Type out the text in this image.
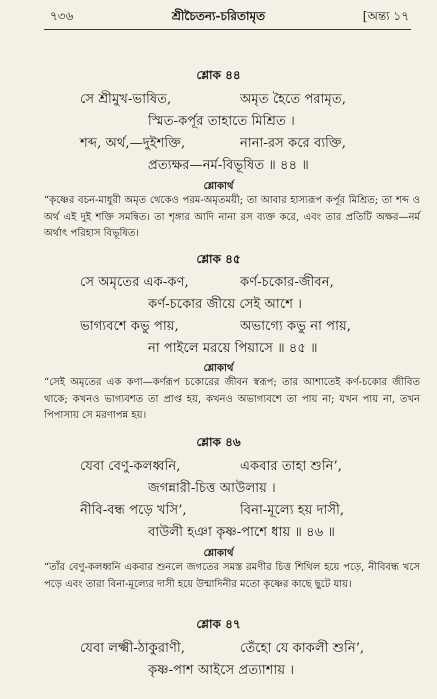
৭৩৬	শ্রীচৈতন্য-চরিতামৃত	[অন্ত্য ১৭
শ্লোক ৪৪
সে শ্রীমুখ-ভাষিত,	অমৃত হৈতে পরামৃত,
স্মিত-কর্পূর তাহাতে মিশ্রিত ।
শব্দ, অর্থ,—দুইশক্তি,	নানা-রস করে ব্যক্তি,
প্রত্যক্ষর—নর্ম-বিভূষিত ॥ ৪৪ ॥
শ্লোকার্থ
“কৃষ্ণের বচন-মাধুরী অমৃত থেকেও পরম-অমৃতময়ী; তা আবার হাস্যরূপ কর্পূর মিশ্রিত; তা শব্দ ও অর্থ এই দুই শক্তি সমন্বিত। তা শৃঙ্গার আদি নানা রস ব্যক্ত করে, এবং তার প্রতিটি অক্ষর—নর্ম অর্থাৎ পরিহাস বিভূষিত।
শ্লোক ৪৫
সে অমৃতের এক-কণ,	কর্ণ-চকোর-জীবন,
কর্ণ-চকোর জীয়ে সেই আশে ।
ভাগ্যবশে কভু পায়,	অভাগ্যে কভু না পায়,
না পাইলে মরয়ে পিয়াসে ॥ ৪৫ ॥
শ্লোকার্থ
“সেই অমৃতের এক কণা—কর্ণরূপ চকোরের জীবন স্বরূপ; তার আশাতেই কর্ণ-চকোর জীবিত থাকে; কখনও ভাগ্যবশত তা প্রাপ্ত হয়, কখনও অভাগ্যবশে তা পায় না; যখন পায় না, তখন পিপাসায় সে মরণাপন্ন হয়।
শ্লোক ৪৬
যেবা বেণু-কলধ্বনি,	একবার তাহা শুনি’,
জগন্নারী-চিত্ত আউলায় ।
নীবি-বন্ধ পড়ে খসি’,	বিনা-মূল্যে হয় দাসী,
বাউলী হঞা কৃষ্ণ-পাশে ধায় ॥ ৪৬ ॥
শ্লোকার্থ
“তাঁর বেণু-কলধ্বনি একবার শুনলে জগতের সমস্ত রমণীর চিত্ত শিথিল হয়ে পড়ে, নীবিবন্ধ খসে পড়ে এবং তারা বিনা-মূল্যের দাসী হয়ে উন্মাদিনীর মতো কৃষ্ণের কাছে ছুটে যায়।
শ্লোক ৪৭
যেবা লক্ষ্মী-ঠাকুরাণী,	তেঁহো যে কাকলী শুনি’,
কৃষ্ণ-পাশ আইসে প্রত্যাশায় ।
